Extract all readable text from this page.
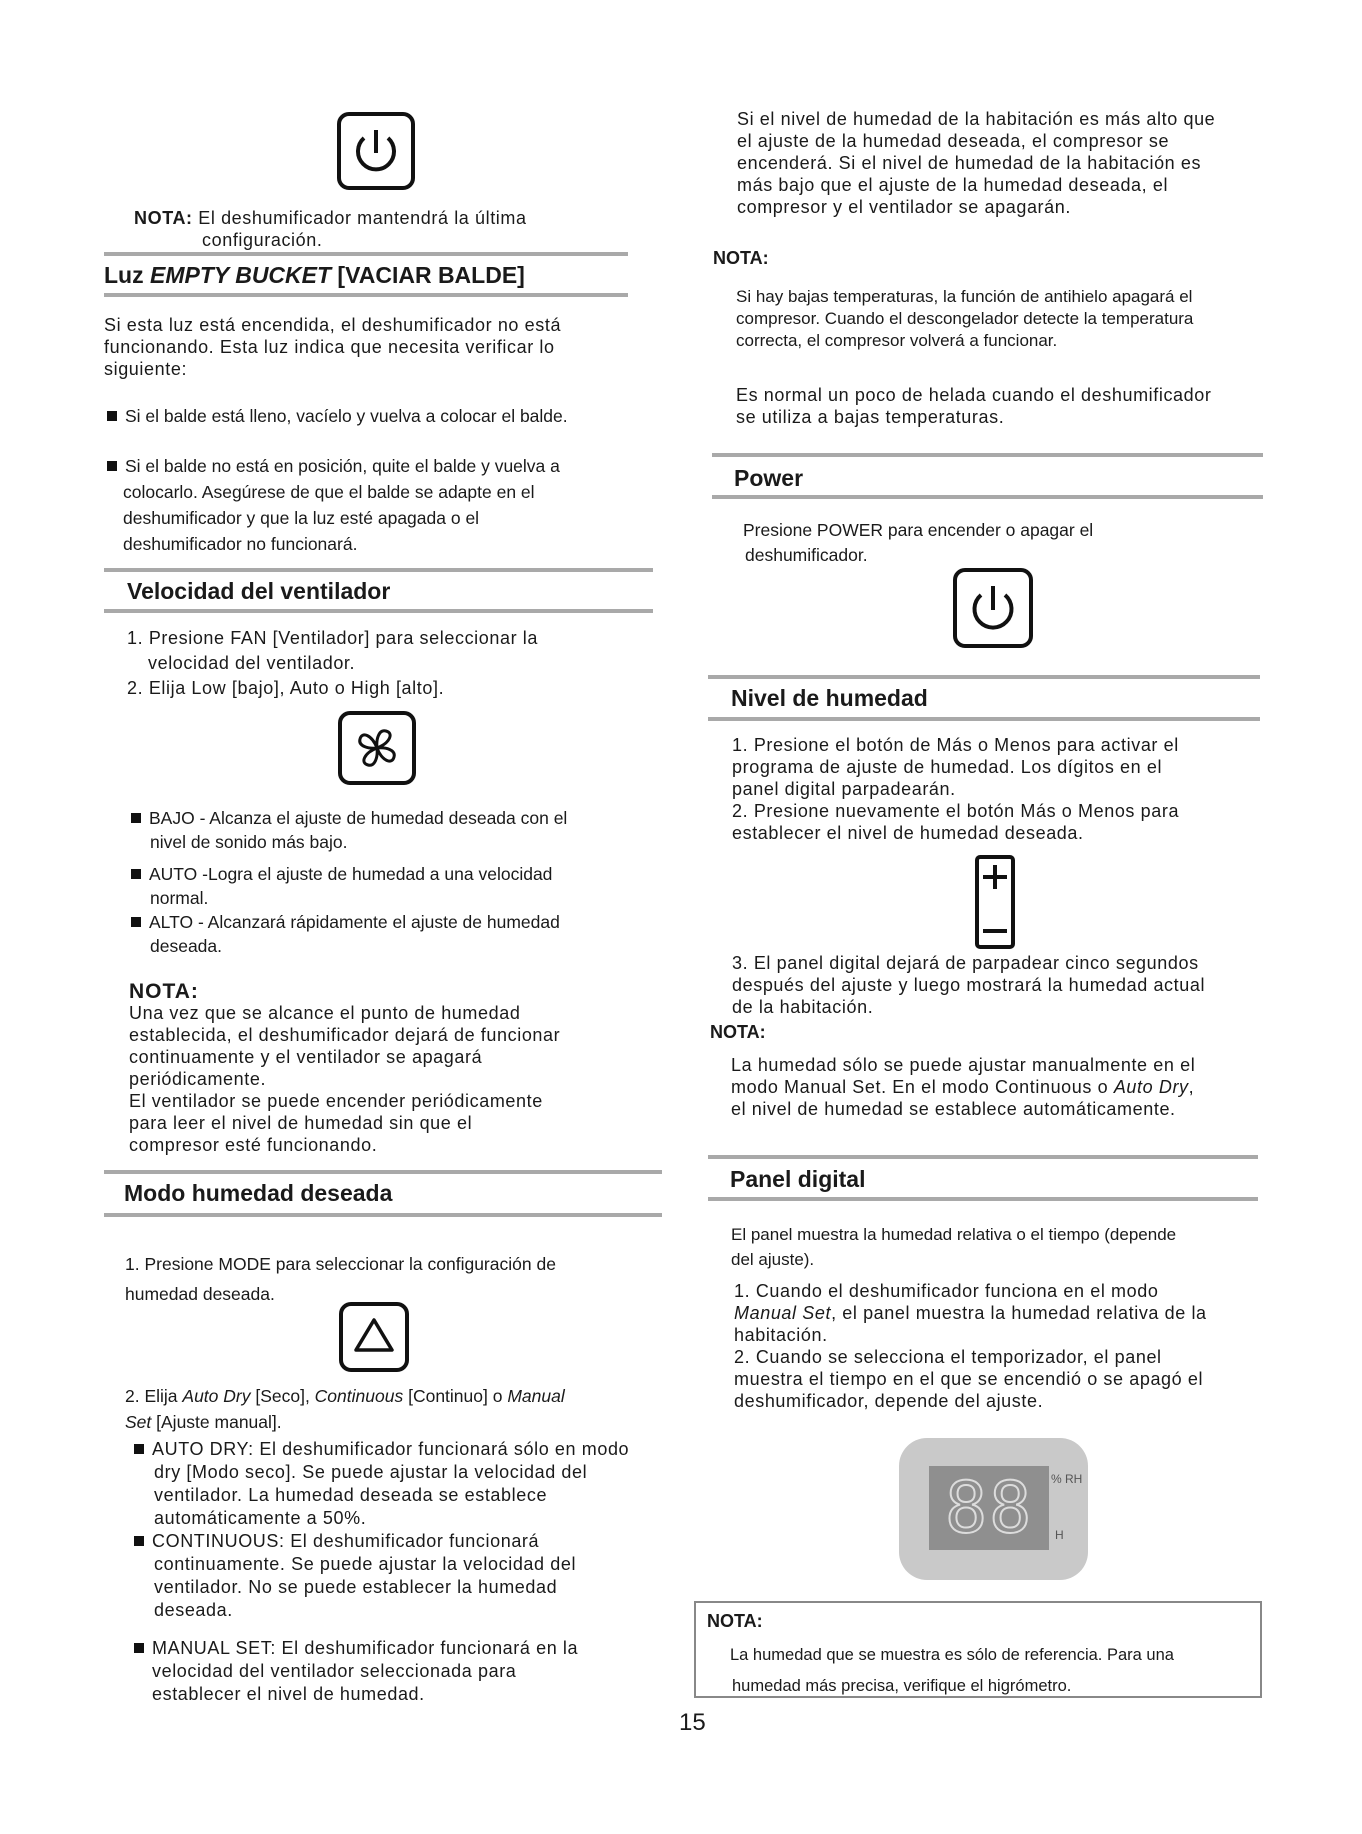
NOTA: El deshumificador mantendrá la última
configuración.
Luz EMPTY BUCKET [VACIAR BALDE]

Si esta luz está encendida, el deshumificador no está

funcionando. Esta luz indica que necesita verificar lo

siguiente:

Si el balde está lleno, vacíelo y vuelva a colocar el balde.

Si el balde no está en posición, quite el balde y vuelva a

colocarlo. Asegúrese de que el balde se adapte en el

deshumificador y que la luz esté apagada o el

deshumificador no funcionará.

Velocidad del ventilador

1. Presione FAN [Ventilador] para seleccionar la

velocidad del ventilador.

2. Elija Low [bajo], Auto o High [alto].

BAJO - Alcanza el ajuste de humedad deseada con el

nivel de sonido más bajo.

AUTO -Logra el ajuste de humedad a una velocidad

normal.

ALTO - Alcanzará rápidamente el ajuste de humedad

deseada.

NOTA:

Una vez que se alcance el punto de humedad

establecida, el deshumificador dejará de funcionar

continuamente y el ventilador se apagará

periódicamente.

El ventilador se puede encender periódicamente

para leer el nivel de humedad sin que el

compresor esté funcionando.

Modo humedad deseada

1. Presione MODE para seleccionar la configuración de

humedad deseada.

2. Elija Auto Dry [Seco], Continuous [Continuo] o Manual

Set [Ajuste manual].

AUTO DRY: El deshumificador funcionará sólo en modo

dry [Modo seco]. Se puede ajustar la velocidad del

ventilador. La humedad deseada se establece

automáticamente a 50%.

CONTINUOUS: El deshumificador funcionará

continuamente. Se puede ajustar la velocidad del

ventilador. No se puede establecer la humedad

deseada.

MANUAL SET: El deshumificador funcionará en la

velocidad del ventilador seleccionada para

establecer el nivel de humedad.

Si el nivel de humedad de la habitación es más alto que

el ajuste de la humedad deseada, el compresor se

encenderá. Si el nivel de humedad de la habitación es

más bajo que el ajuste de la humedad deseada, el

compresor y el ventilador se apagarán.

NOTA:

Si hay bajas temperaturas, la función de antihielo apagará el

compresor. Cuando el descongelador detecte la temperatura

correcta, el compresor volverá a funcionar.

Es normal un poco de helada cuando el deshumificador

se utiliza a bajas temperaturas.

Power

Presione POWER para encender o apagar el

deshumificador.

Nivel de humedad

1. Presione el botón de Más o Menos para activar el

programa de ajuste de humedad. Los dígitos en el

panel digital parpadearán.

2. Presione nuevamente el botón Más o Menos para

establecer el nivel de humedad deseada.

3. El panel digital dejará de parpadear cinco segundos

después del ajuste y luego mostrará la humedad actual

de la habitación.

NOTA:

La humedad sólo se puede ajustar manualmente en el

modo Manual Set. En el modo Continuous o Auto Dry,

el nivel de humedad se establece automáticamente.

Panel digital

El panel muestra la humedad relativa o el tiempo (depende

del ajuste).

1. Cuando el deshumificador funciona en el modo

Manual Set, el panel muestra la humedad relativa de la

habitación.

2. Cuando se selecciona el temporizador, el panel

muestra el tiempo en el que se encendió o se apagó el

deshumificador, depende del ajuste.

88 % RH
H
NOTA:

La humedad que se muestra es sólo de referencia. Para una

humedad más precisa, verifique el higrómetro.

15
